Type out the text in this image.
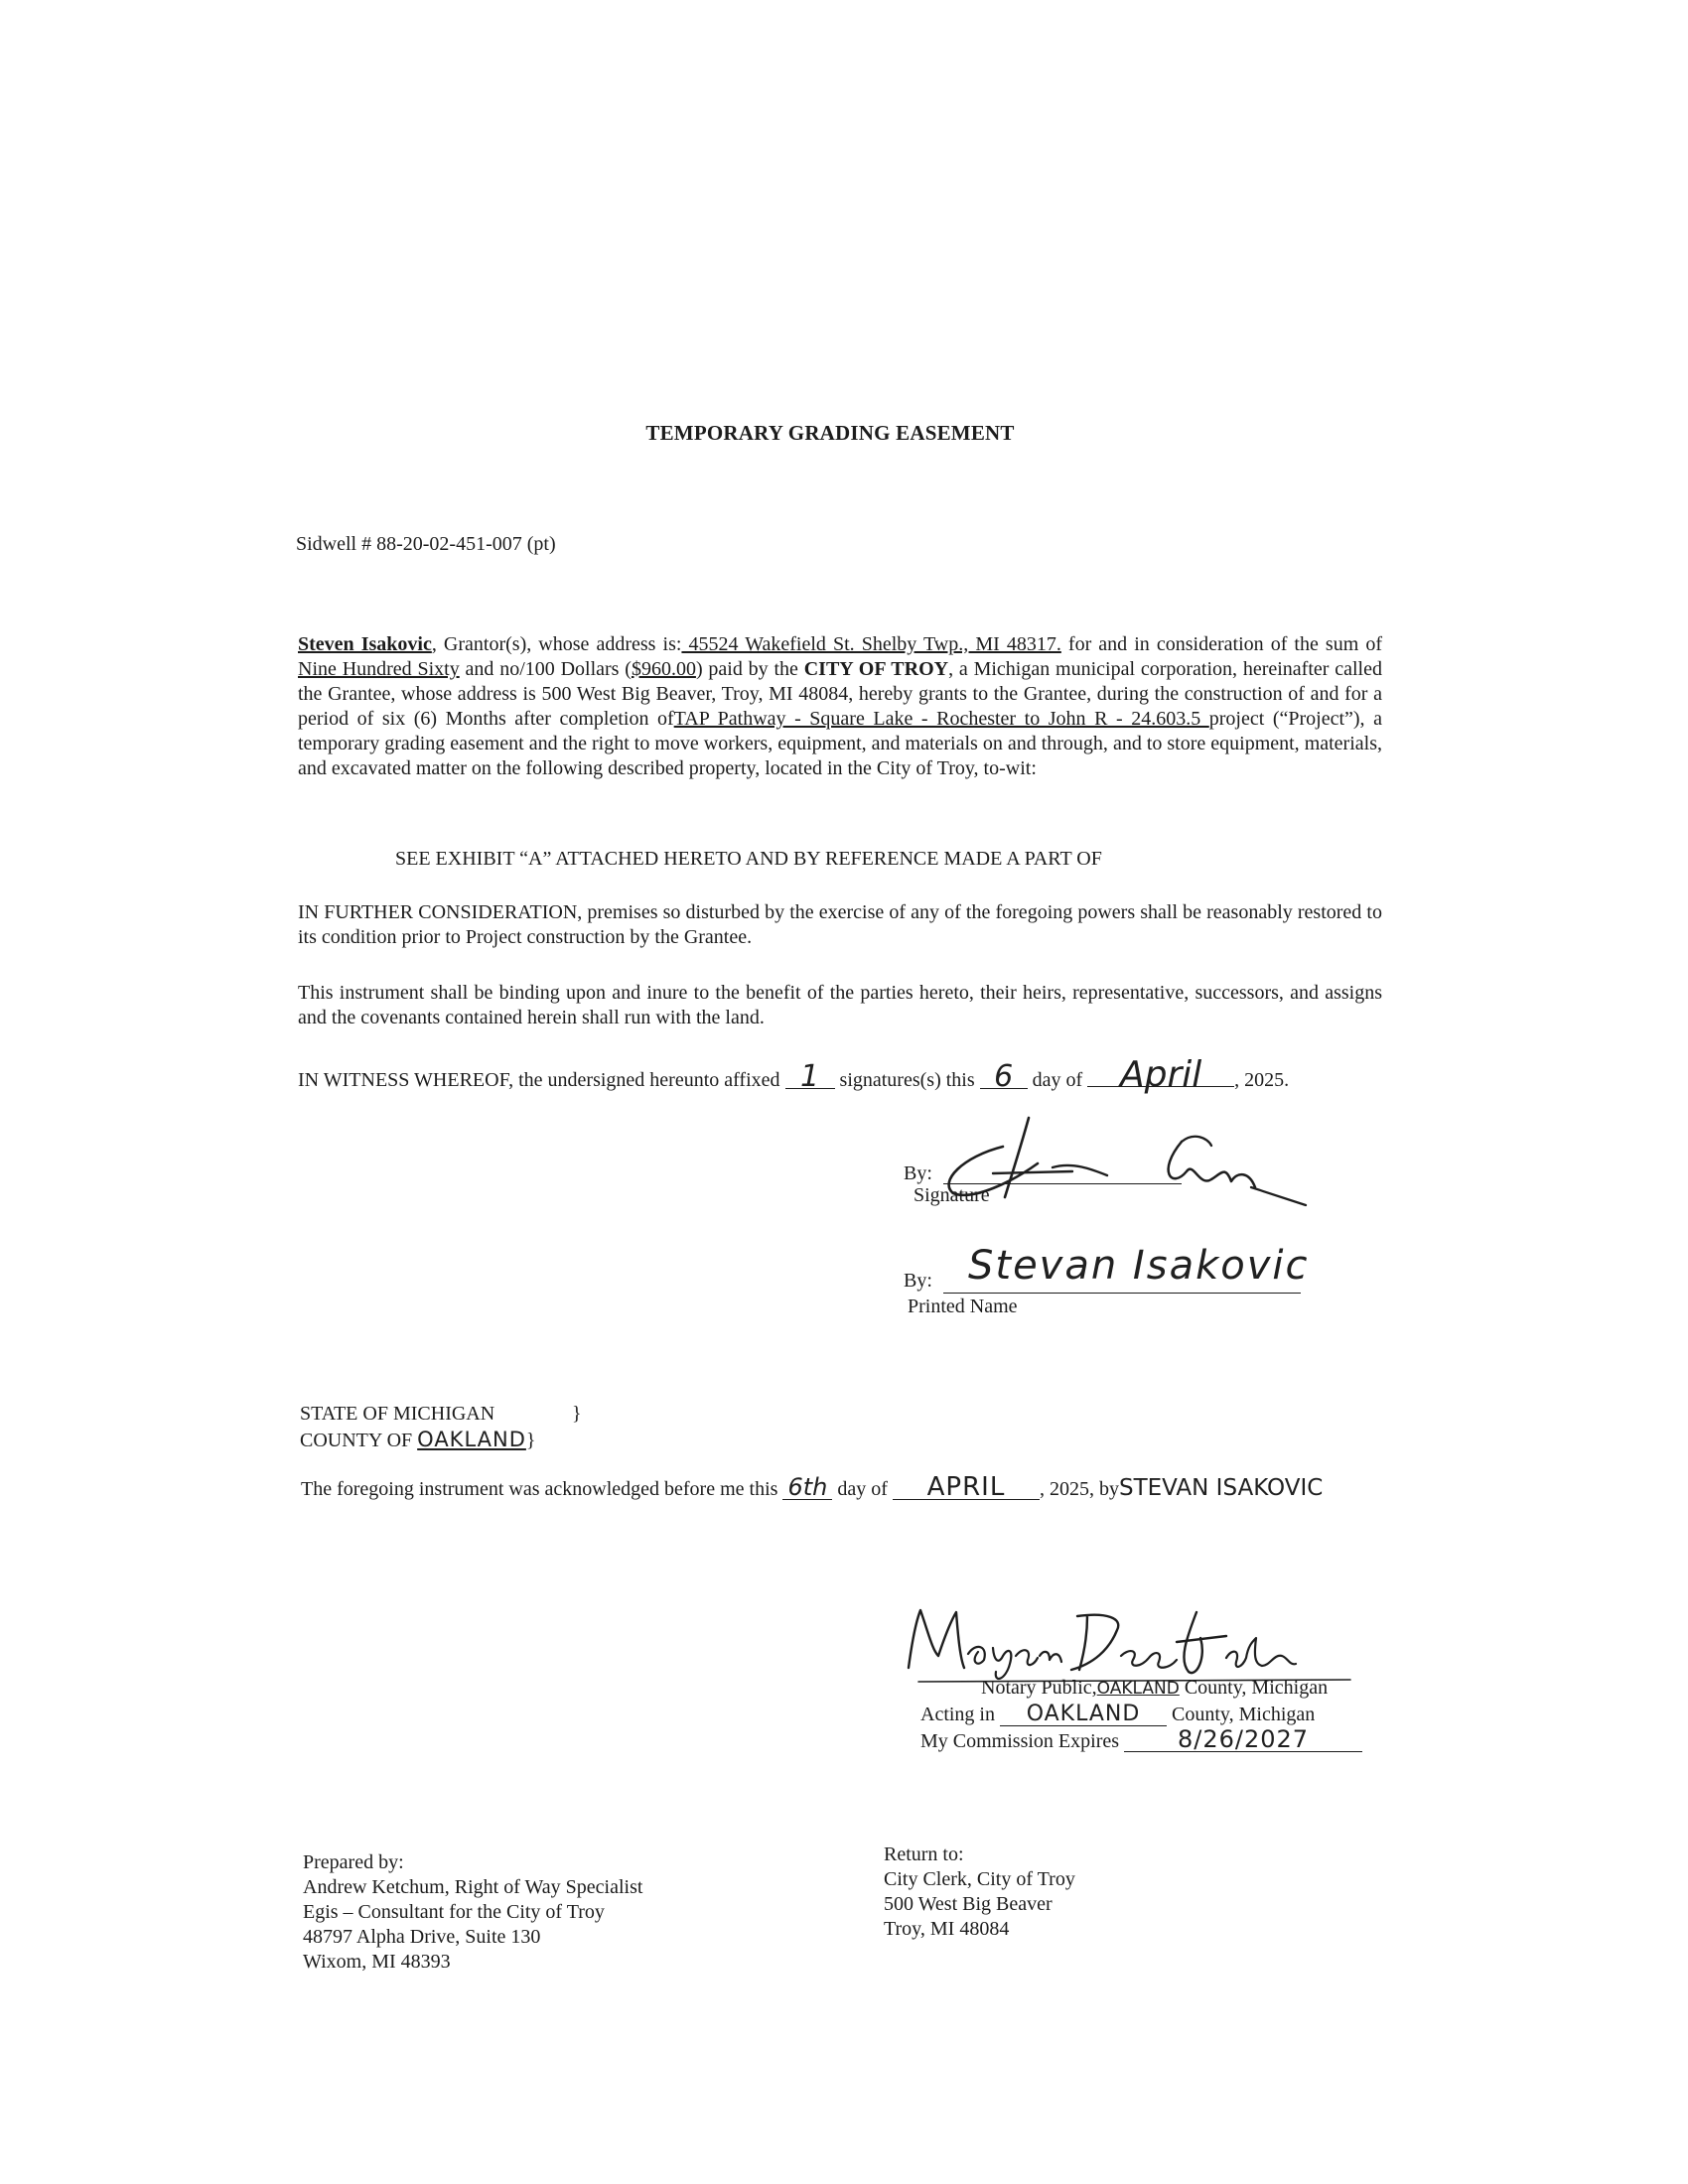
TEMPORARY GRADING EASEMENT
Sidwell # 88-20-02-451-007 (pt)
Steven Isakovic, Grantor(s), whose address is: 45524 Wakefield St. Shelby Twp., MI 48317. for and in consideration of the sum of Nine Hundred Sixty and no/100 Dollars ($960.00) paid by the CITY OF TROY, a Michigan municipal corporation, hereinafter called the Grantee, whose address is 500 West Big Beaver, Troy, MI 48084, hereby grants to the Grantee, during the construction of and for a period of six (6) Months after completion ofTAP Pathway - Square Lake - Rochester to John R - 24.603.5 project (“Project”), a temporary grading easement and the right to move workers, equipment, and materials on and through, and to store equipment, materials, and excavated matter on the following described property, located in the City of Troy, to-wit:
SEE EXHIBIT “A” ATTACHED HERETO AND BY REFERENCE MADE A PART OF
IN FURTHER CONSIDERATION, premises so disturbed by the exercise of any of the foregoing powers shall be reasonably restored to its condition prior to Project construction by the Grantee.
This instrument shall be binding upon and inure to the benefit of the parties hereto, their heirs, representative, successors, and assigns and the covenants contained herein shall run with the land.
IN WITNESS WHEREOF, the undersigned hereunto affixed 1 signatures(s) this 6 day of April , 2025.
By:
Signature
By: Stevan Isakovic
Printed Name
STATE OF MICHIGAN	}
COUNTY OF OAKLAND}
The foregoing instrument was acknowledged before me this 6th day of APRIL , 2025, bySTEVAN ISAKOVIC
Notary Public,OAKLAND County, Michigan
Acting in OAKLAND County, Michigan
My Commission Expires 8/26/2027
Prepared by:
Andrew Ketchum, Right of Way Specialist
Egis – Consultant for the City of Troy
48797 Alpha Drive, Suite 130
Wixom, MI 48393
Return to:
City Clerk, City of Troy
500 West Big Beaver
Troy, MI 48084
